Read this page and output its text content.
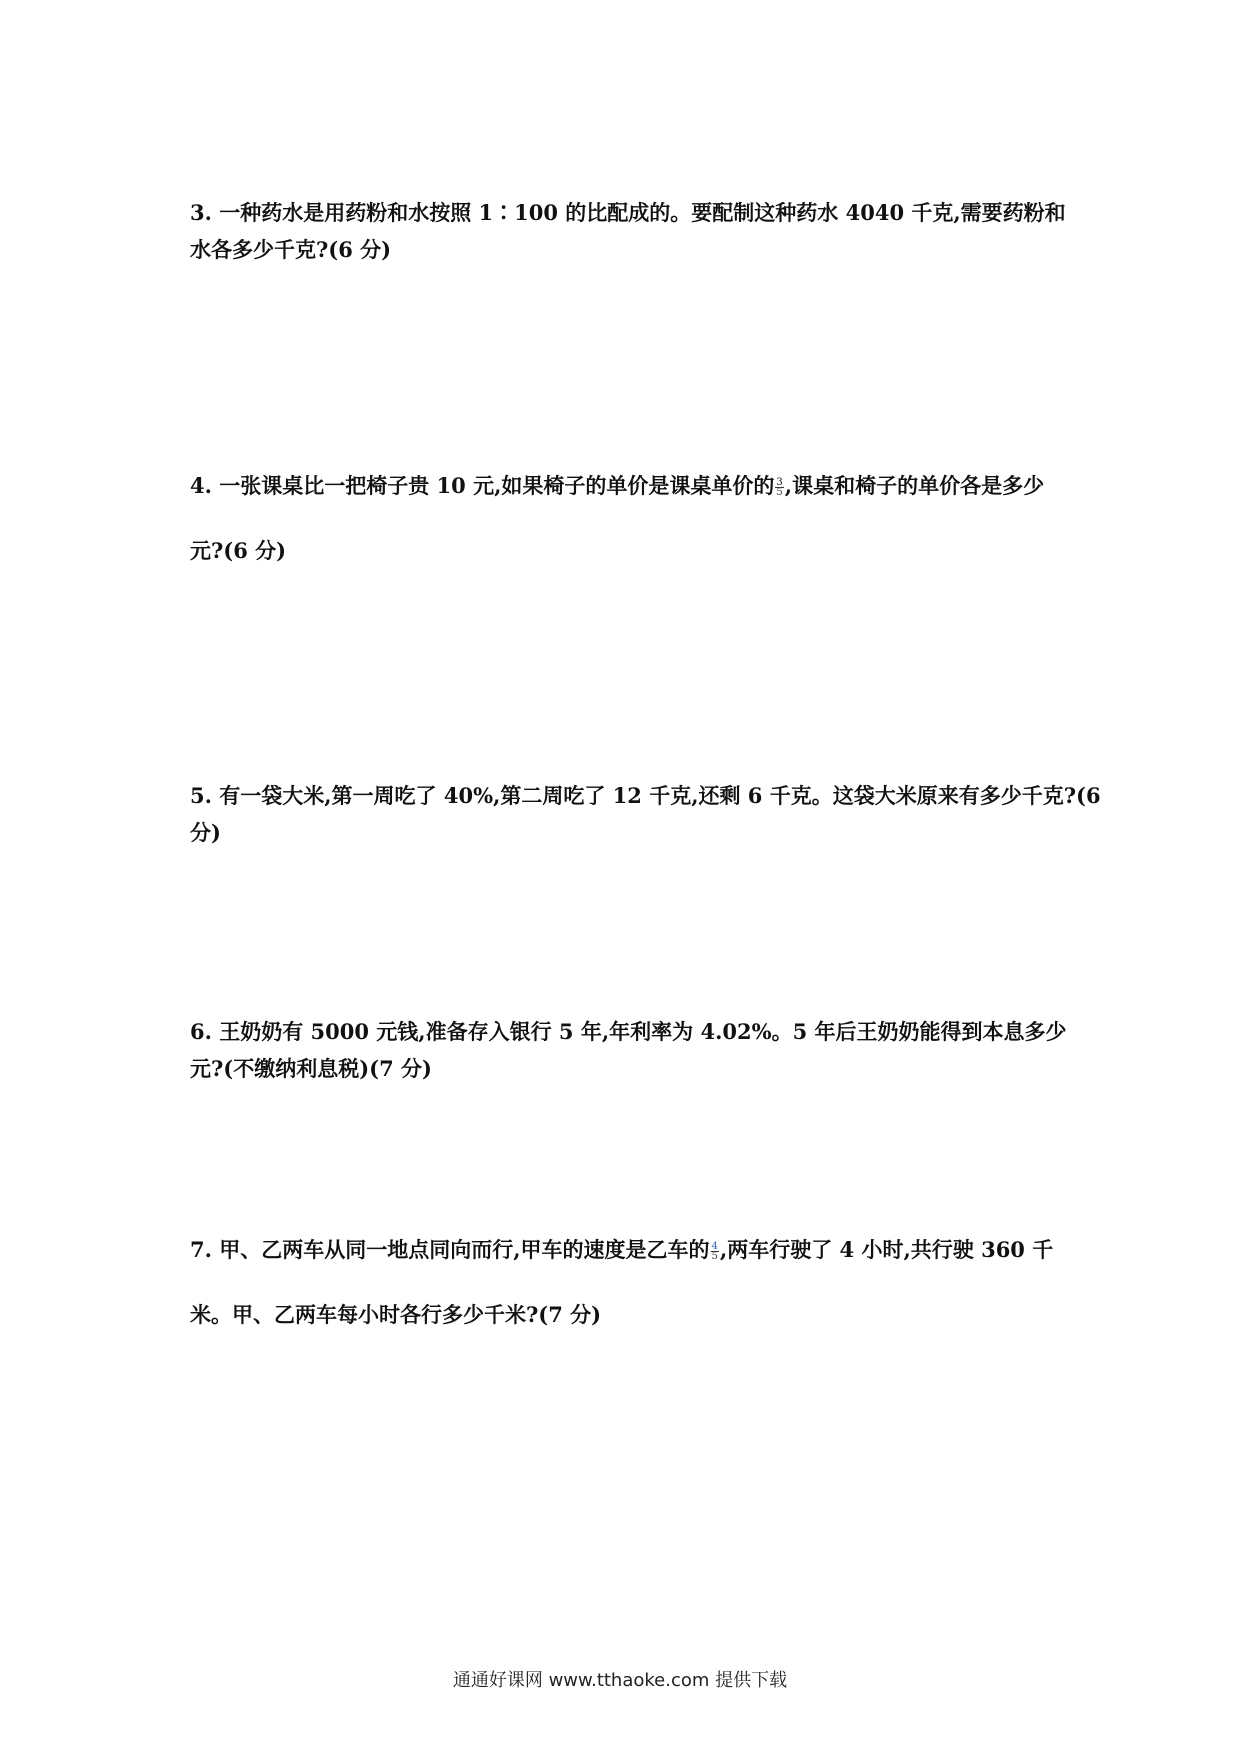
3. 一种药水是用药粉和水按照 1∶100 的比配成的。要配制这种药水 4040 千克,需要药粉和
水各多少千克?(6 分)
4. 一张课桌比一把椅子贵 10 元,如果椅子的单价是课桌单价的 $\frac{3}{5}$ ,课桌和椅子的单价各是多少
元?(6 分)
5. 有一袋大米,第一周吃了 40%,第二周吃了 12 千克,还剩 6 千克。这袋大米原来有多少千克?(6
分)
6. 王奶奶有 5000 元钱,准备存入银行 5 年,年利率为 4.02%。5 年后王奶奶能得到本息多少
元?(不缴纳利息税)(7 分)
7. 甲、乙两车从同一地点同向而行,甲车的速度是乙车的 $\frac{4}{5}$ ,两车行驶了 4 小时,共行驶 360 千
米。甲、乙两车每小时各行多少千米?(7 分)
通通好课网 www.tthaoke.com 提供下载
